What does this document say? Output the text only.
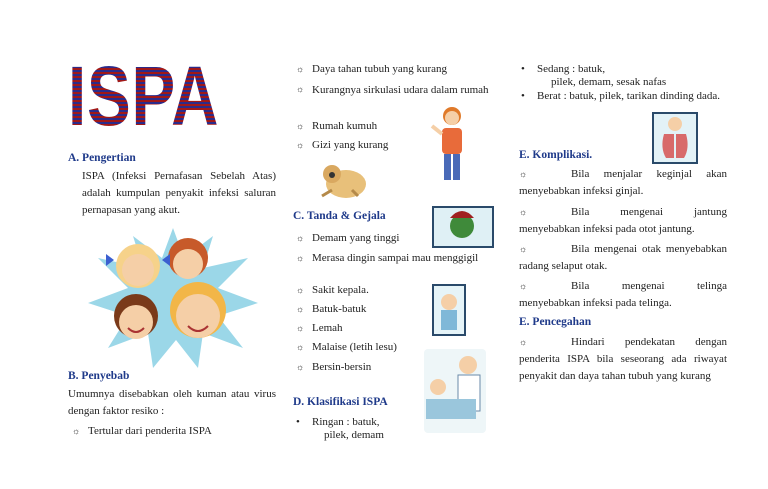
ISPA
A. Pengertian
ISPA (Infeksi Pernafasan Sebelah Atas) adalah kumpulan penyakit infeksi saluran pernapasan yang akut.
B. Penyebab
Umumnya disebabkan oleh kuman atau virus dengan faktor resiko :
☼ Tertular dari penderita ISPA
☼ Daya tahan tubuh yang kurang
☼ Kurangnya sirkulasi udara dalam rumah
☼ Rumah kumuh
☼ Gizi yang kurang
C. Tanda & Gejala
☼ Demam yang tinggi
☼ Merasa dingin sampai mau menggigil
☼ Sakit kepala.
☼ Batuk-batuk
☼ Lemah
☼ Malaise (letih lesu)
☼ Bersin-bersin
D. Klasifikasi ISPA
•	Ringan : batuk,
pilek, demam
•	Sedang : batuk,
pilek, demam, sesak nafas
•	Berat : batuk, pilek, tarikan dinding dada.
E. Komplikasi.
☼	Bila menjalar keginjal akan menyebabkan infeksi ginjal.
☼	Bila mengenai jantung menyebabkan infeksi pada otot jantung.
☼	Bila mengenai otak menyebabkan radang selaput otak.
☼	Bila mengenai telinga menyebabkan infeksi pada telinga.
E. Pencegahan
☼	Hindari pendekatan dengan penderita ISPA bila seseorang ada riwayat penyakit dan daya tahan tubuh yang kurang
